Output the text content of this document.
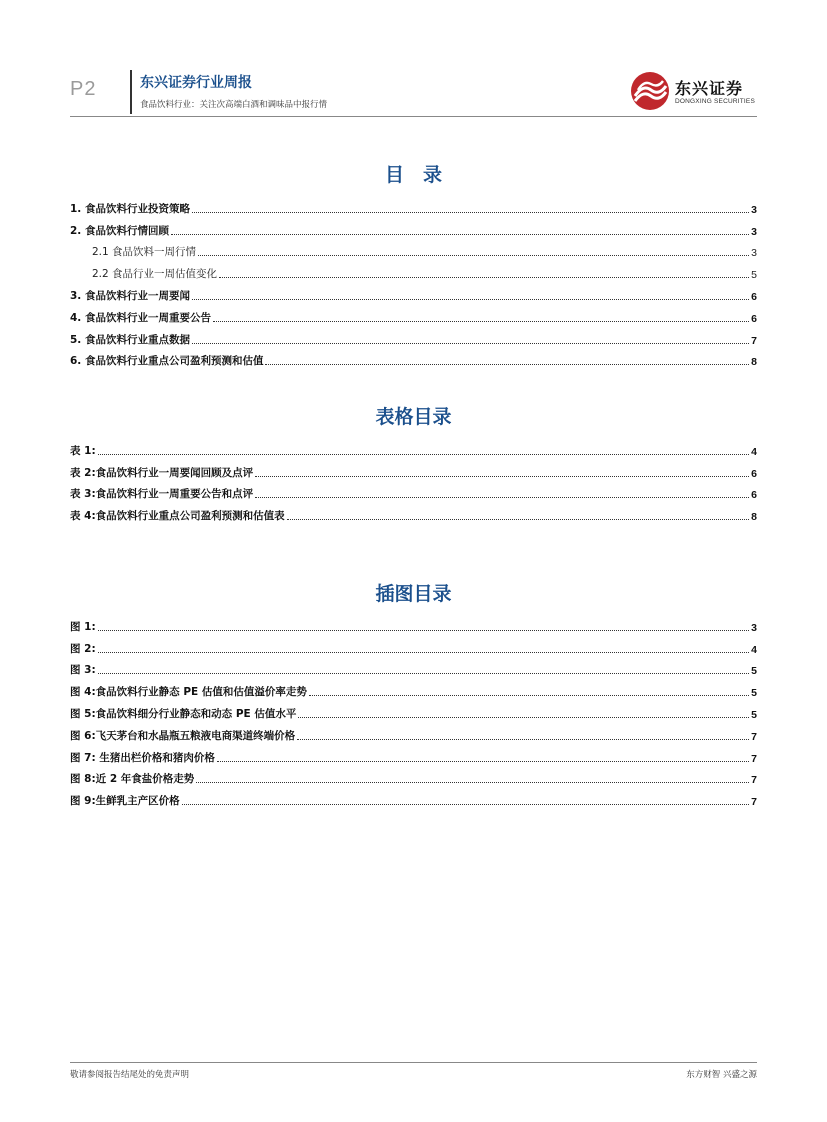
P2	东兴证券行业周报
食品饮料行业：关注次高端白酒和调味品中报行情
东兴证券
DONGXING SECURITIES
目　录
1. 食品饮料行业投资策略	3
2. 食品饮料行情回顾	3
2.1 食品饮料一周行情	3
2.2 食品行业一周估值变化	5
3. 食品饮料行业一周要闻	6
4. 食品饮料行业一周重要公告	6
5. 食品饮料行业重点数据	7
6. 食品饮料行业重点公司盈利预测和估值	8
表格目录
表 1:	4
表 2:食品饮料行业一周要闻回顾及点评	6
表 3:食品饮料行业一周重要公告和点评	6
表 4:食品饮料行业重点公司盈利预测和估值表	8
插图目录
图 1:	3
图 2:	4
图 3:	5
图 4:食品饮料行业静态 PE 估值和估值溢价率走势	5
图 5:食品饮料细分行业静态和动态 PE 估值水平	5
图 6:飞天茅台和水晶瓶五粮液电商渠道终端价格	7
图 7: 生猪出栏价格和猪肉价格	7
图 8:近 2 年食盐价格走势	7
图 9:生鲜乳主产区价格	7
敬请参阅报告结尾处的免责声明	东方财智 兴盛之源
